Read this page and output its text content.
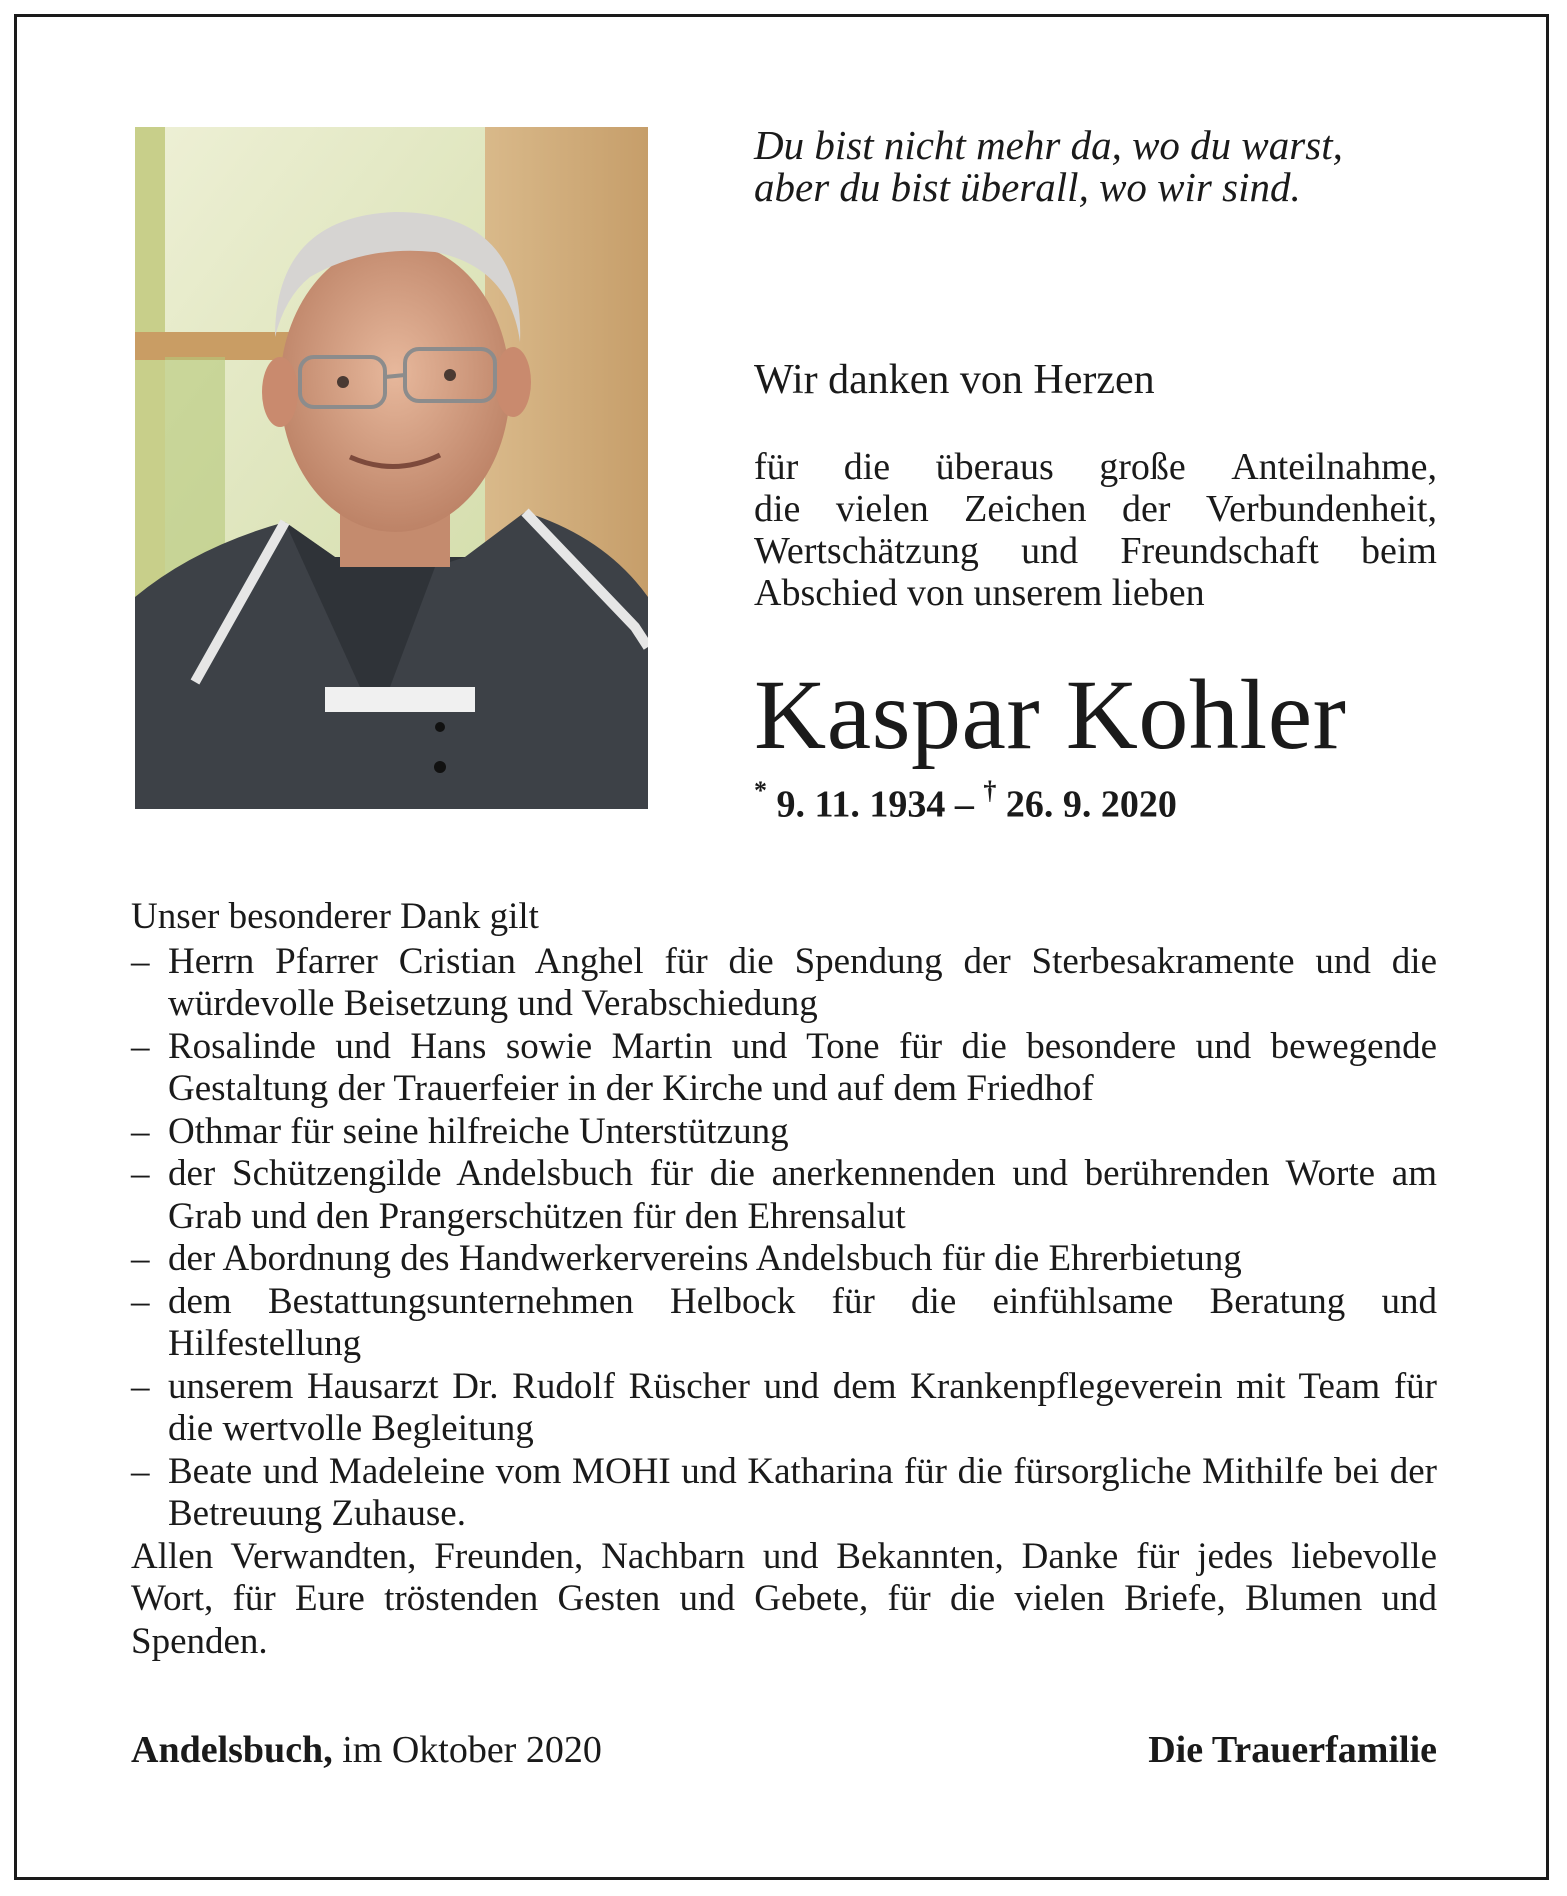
Du bist nicht mehr da, wo du warst,
aber du bist überall, wo wir sind.
Wir danken von Herzen
für die überaus große Anteilnahme,
die vielen Zeichen der Verbundenheit,
Wertschätzung und Freundschaft beim
Abschied von unserem lieben
Kaspar Kohler
* 9. 11. 1934 – † 26. 9. 2020
Unser besonderer Dank gilt
– Herrn Pfarrer Cristian Anghel für die Spendung der Sterbesakramente und die würdevolle Beisetzung und Verabschiedung
– Rosalinde und Hans sowie Martin und Tone für die besondere und bewegende Gestaltung der Trauerfeier in der Kirche und auf dem Friedhof
– Othmar für seine hilfreiche Unterstützung
– der Schützengilde Andelsbuch für die anerkennenden und berührenden Worte am Grab und den Prangerschützen für den Ehrensalut
– der Abordnung des Handwerkervereins Andelsbuch für die Ehrerbietung
– dem Bestattungsunternehmen Helbock für die einfühlsame Beratung und Hilfestellung
– unserem Hausarzt Dr. Rudolf Rüscher und dem Krankenpflegeverein mit Team für die wertvolle Begleitung
– Beate und Madeleine vom MOHI und Katharina für die fürsorgliche Mithilfe bei der Betreuung Zuhause.
Allen Verwandten, Freunden, Nachbarn und Bekannten, Danke für jedes liebevolle Wort, für Eure tröstenden Gesten und Gebete, für die vielen Briefe, Blumen und Spenden.
Andelsbuch, im Oktober 2020	Die Trauerfamilie
